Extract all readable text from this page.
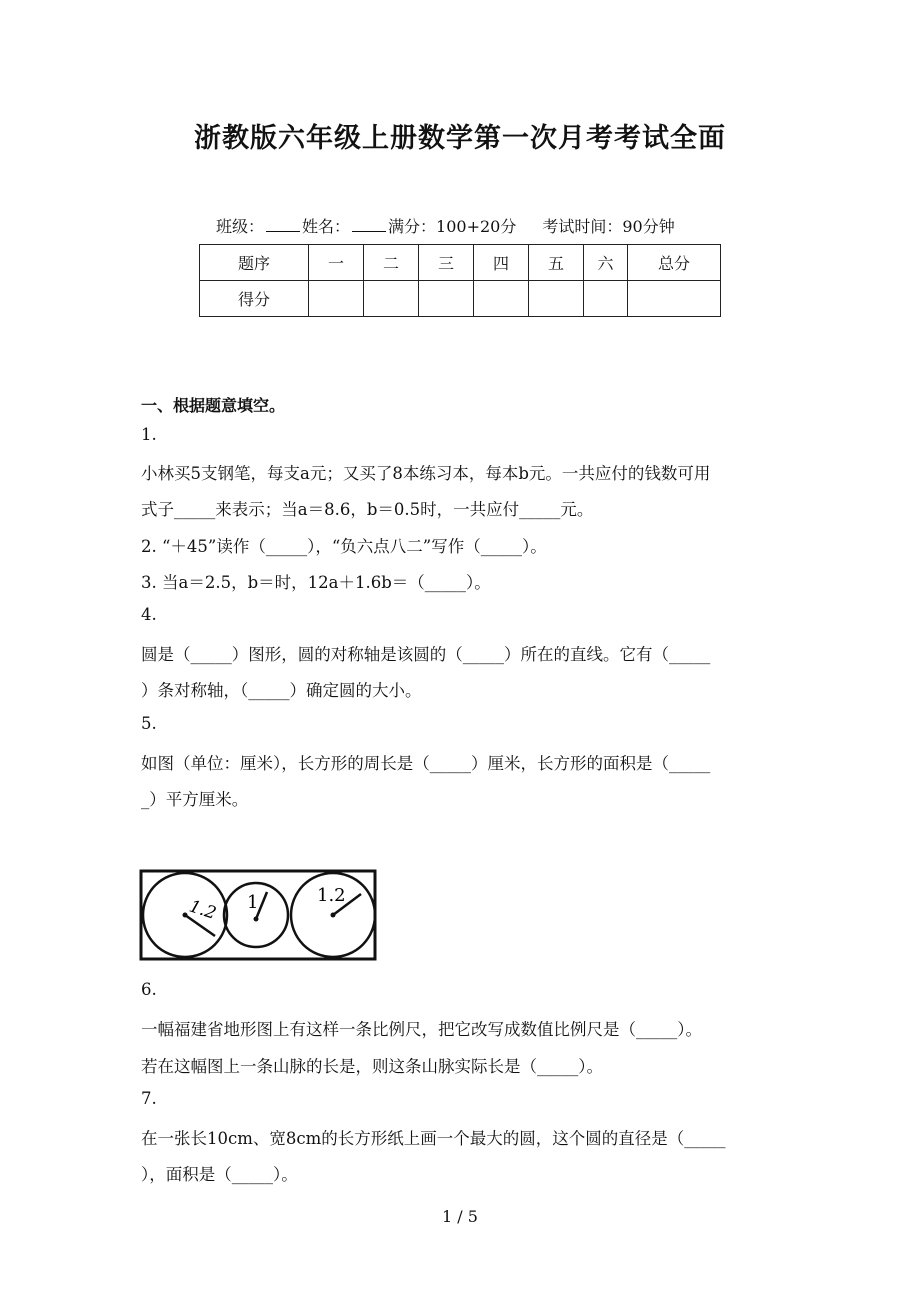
浙教版六年级上册数学第一次月考考试全面
班级： 姓名： 满分：100+20分 考试时间：90分钟
题序	一	二	三	四	五	六	总分
得分							
一、根据题意填空。
1.
小林买5支钢笔，每支a元；又买了8本练习本，每本b元。一共应付的钱数可用
式子_____来表示；当a＝8.6，b＝0.5时，一共应付_____元。
2. “＋45”读作（_____），“负六点八二”写作（_____）。
3. 当a＝2.5，b＝时，12a＋1.6b＝（_____）。
4.
圆是（_____）图形，圆的对称轴是该圆的（_____）所在的直线。它有（_____
）条对称轴，（_____）确定圆的大小。
5.
如图（单位：厘米），长方形的周长是（_____）厘米，长方形的面积是（_____
_）平方厘米。
1.2 1	1.2
6.
一幅福建省地形图上有这样一条比例尺，把它改写成数值比例尺是（_____）。
若在这幅图上一条山脉的长是，则这条山脉实际长是（_____）。
7.
在一张长10cm、宽8cm的长方形纸上画一个最大的圆，这个圆的直径是（_____
），面积是（_____）。
1 / 5
